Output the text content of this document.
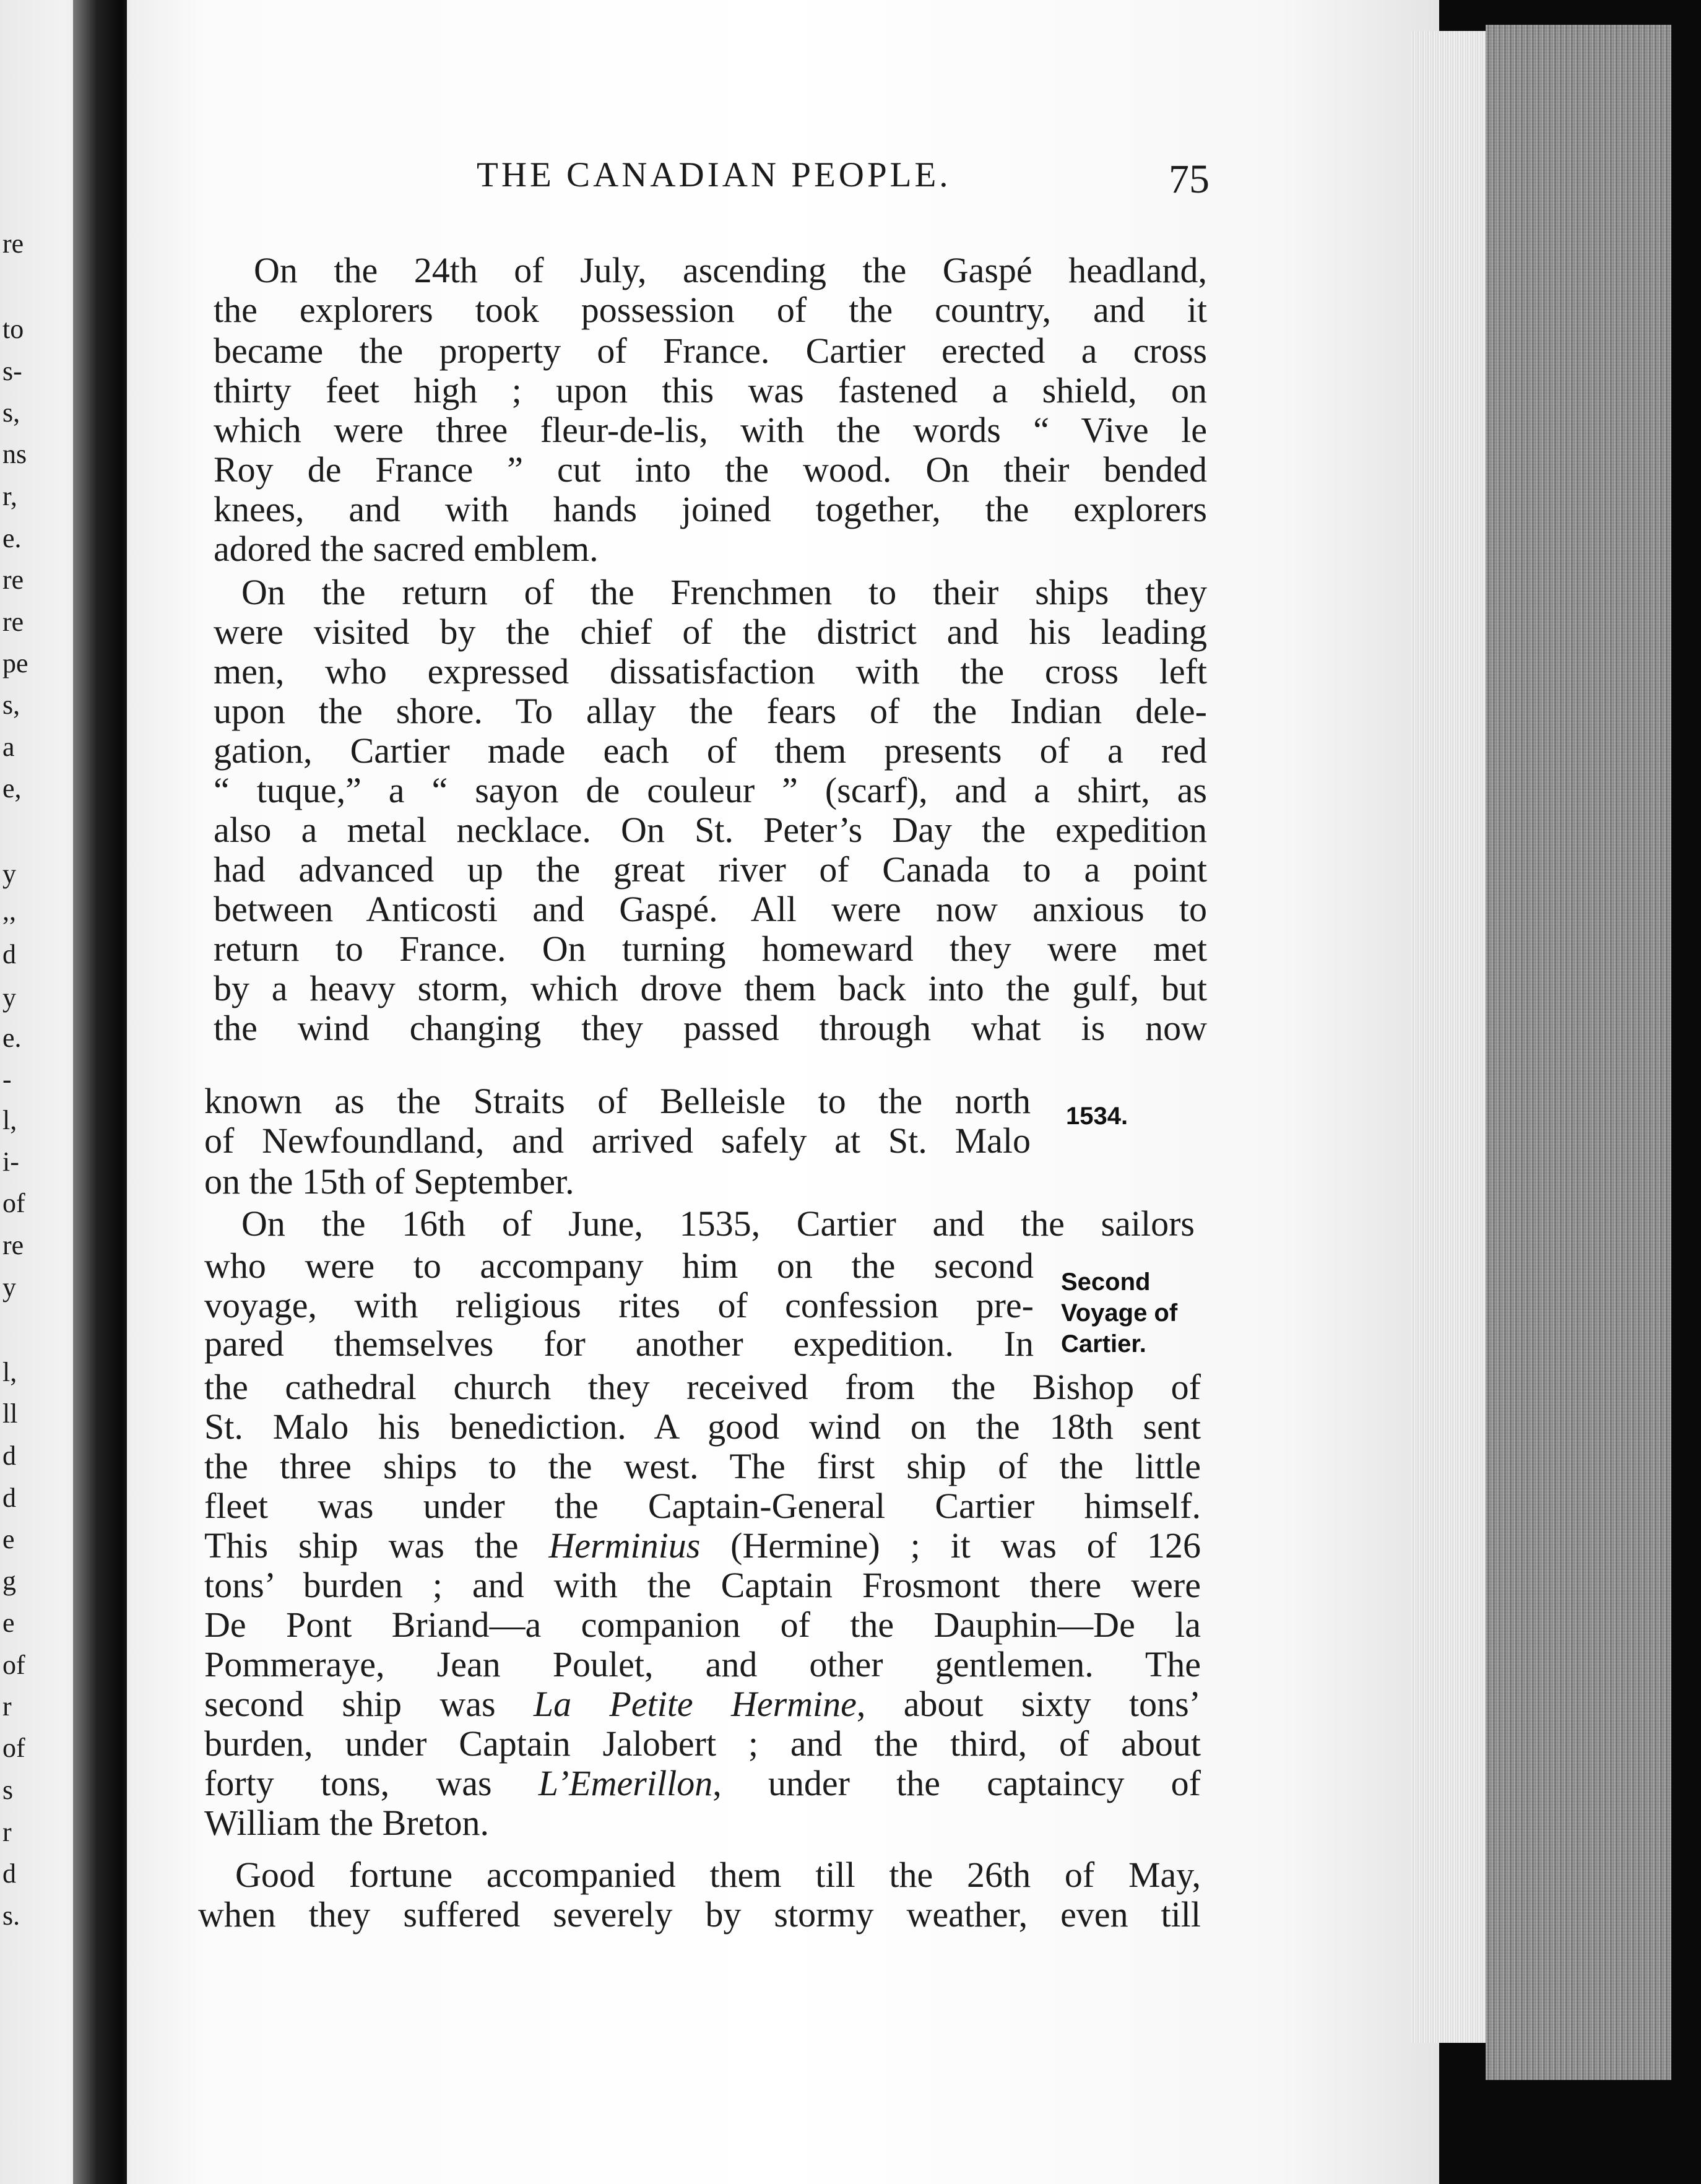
re
to
s-
s,
ns
r,
e.
re
re
pe
s,
a
e,
y
,,
d
y
e.
-
l,
i-
of
re
y
l,
ll
d
d
e
g
e
of
r
of
s
r
d
s.
THE CANADIAN PEOPLE.	75
On the 24th of July, ascending the Gaspé headland,
the explorers took possession of the country, and it
became the property of France. Cartier erected a cross
thirty feet high ; upon this was fastened a shield, on
which were three fleur-de-lis, with the words “ Vive le
Roy de France ” cut into the wood. On their bended
knees, and with hands joined together, the explorers
adored the sacred emblem.
On the return of the Frenchmen to their ships they
were visited by the chief of the district and his leading
men, who expressed dissatisfaction with the cross left
upon the shore. To allay the fears of the Indian dele-
gation, Cartier made each of them presents of a red
“ tuque,” a “ sayon de couleur ” (scarf), and a shirt, as
also a metal necklace. On St. Peter’s Day the expedition
had advanced up the great river of Canada to a point
between Anticosti and Gaspé. All were now anxious to
return to France. On turning homeward they were met
by a heavy storm, which drove them back into the gulf, but
the wind changing they passed through what is now
known as the Straits of Belleisle to the north
of Newfoundland, and arrived safely at St. Malo
on the 15th of September.
On the 16th of June, 1535, Cartier and the sailors
who were to accompany him on the second
voyage, with religious rites of confession pre-
pared themselves for another expedition. In
the cathedral church they received from the Bishop of
St. Malo his benediction. A good wind on the 18th sent
the three ships to the west. The first ship of the little
fleet was under the Captain-General Cartier himself.
This ship was the Herminius (Hermine) ; it was of 126
tons’ burden ; and with the Captain Frosmont there were
De Pont Briand—a companion of the Dauphin—De la
Pommeraye, Jean Poulet, and other gentlemen. The
second ship was La Petite Hermine, about sixty tons’
burden, under Captain Jalobert ; and the third, of about
forty tons, was L’Emerillon, under the captaincy of
William the Breton.
Good fortune accompanied them till the 26th of May,
when they suffered severely by stormy weather, even till
1534.
Second
Voyage of
Cartier.
